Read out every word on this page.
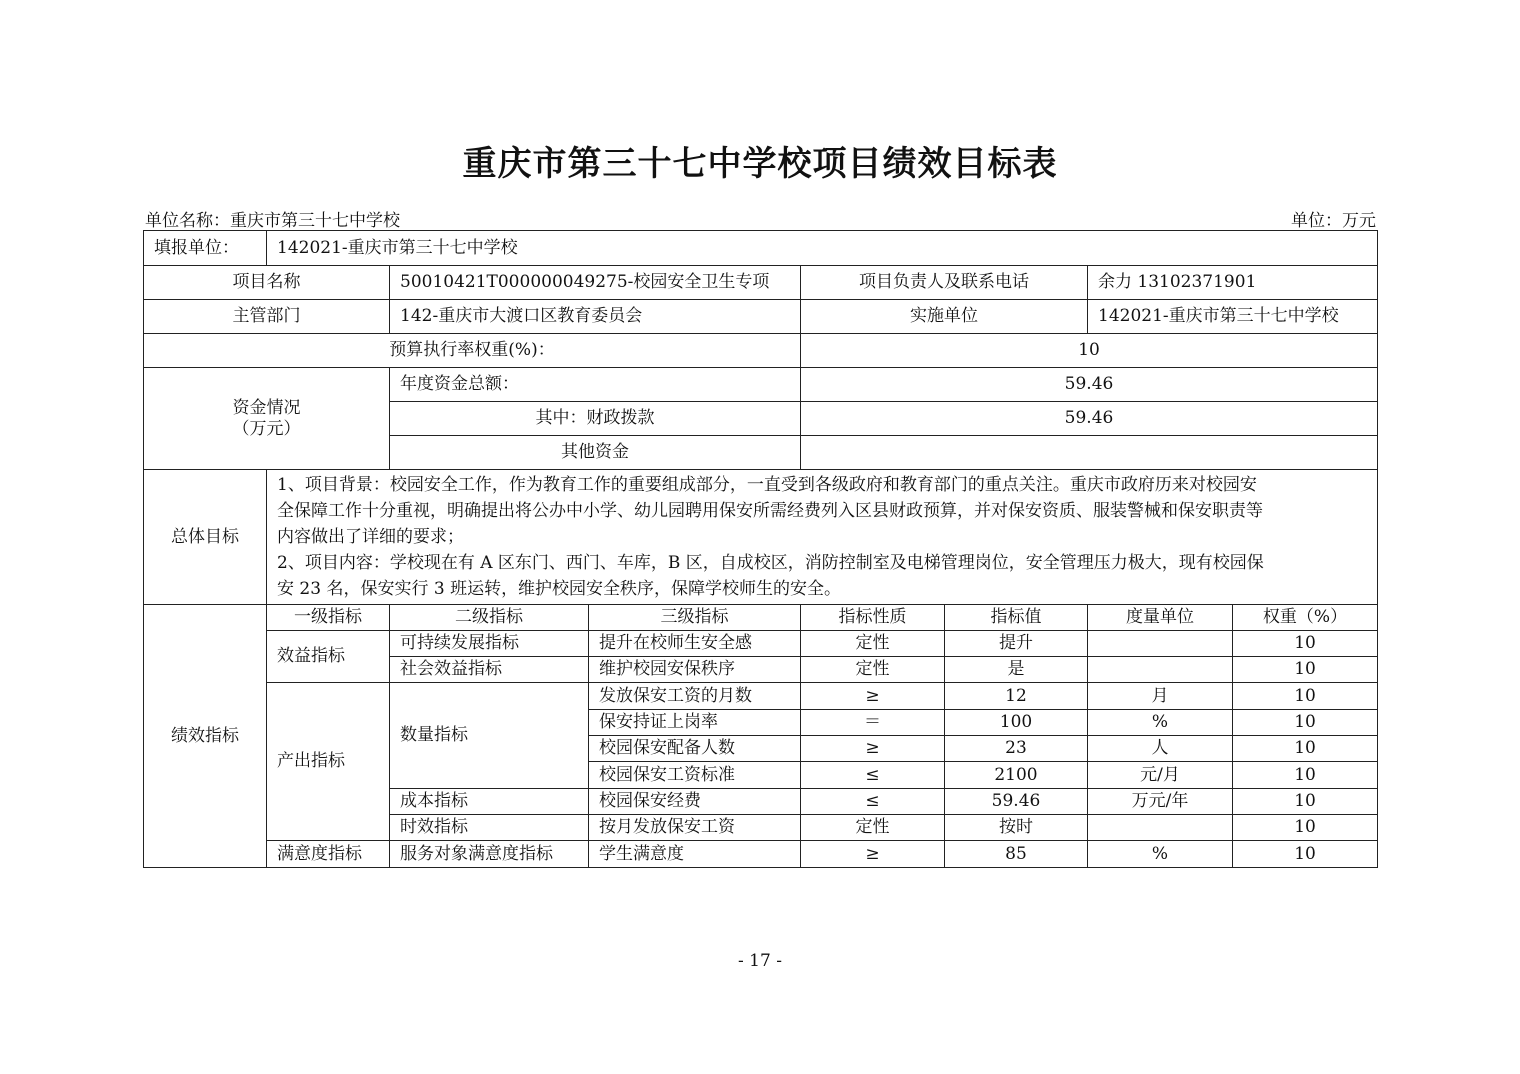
重庆市第三十七中学校项目绩效目标表
单位名称：重庆市第三十七中学校	单位：万元
填报单位：	142021-重庆市第三十七中学校						
项目名称		50010421T000000049275-校园安全卫生专项		项目负责人及联系电话		余力 13102371901	
主管部门		142-重庆市大渡口区教育委员会		实施单位		142021-重庆市第三十七中学校	
预算执行率权重(%)：				10			

资金情况
（万元）		年度资金总额：		59.46			
		其中：财政拨款		59.46			
		其他资金					
总体目标	1、项目背景：校园安全工作，作为教育工作的重要组成部分，一直受到各级政府和教育部门的重点关注。重庆市政府历来对校园安
全保障工作十分重视，明确提出将公办中小学、幼儿园聘用保安所需经费列入区县财政预算，并对保安资质、服装警械和保安职责等
内容做出了详细的要求；
2、项目内容：学校现在有 A 区东门、西门、车库，B 区，自成校区，消防控制室及电梯管理岗位，安全管理压力极大，现有校园保
安 23 名，保安实行 3 班运转，维护校园安全秩序，保障学校师生的安全。						

绩效指标	一级指标	二级指标	三级指标	指标性质	指标值	度量单位	权重（%）
	效益指标	可持续发展指标	提升在校师生安全感	定性	提升		10
		社会效益指标	维护校园安保秩序	定性	是		10
	产出指标	数量指标	发放保安工资的月数	≥	12	月	10
			保安持证上岗率	＝	100	%	10
			校园保安配备人数	≥	23	人	10
			校园保安工资标准	≤	2100	元/月	10
		成本指标	校园保安经费	≤	59.46	万元/年	10
		时效指标	按月发放保安工资	定性	按时		10
	满意度指标	服务对象满意度指标	学生满意度	≥	85	%	10
- 17 -
